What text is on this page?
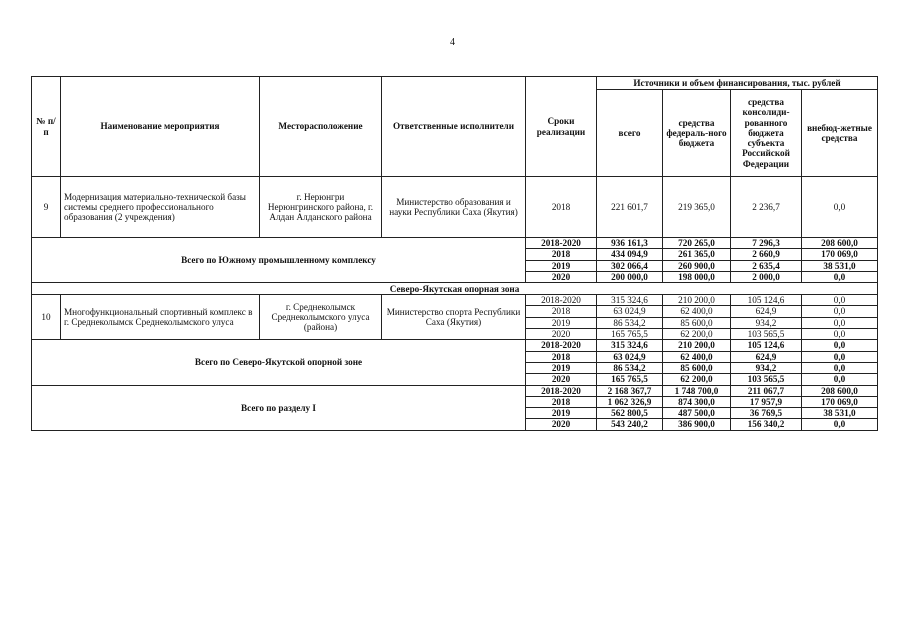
4
№ п/п	Наименование мероприятия	Месторасположение	Ответственные исполнители	Сроки реализации	Источники и объем финансирования, тыс. рублей			
					всего	средства федераль-ного бюджета	средства консолиди-рованного бюджета субъекта Российской Федерации	внебюд-жетные средства
9	Модернизация материально-технической базы системы среднего профессионального образования (2 учреждения)	г. Нерюнгри Нерюнгринского района, г. Алдан Алданского района	Министерство образования и науки Республики Саха (Якутия)	2018	221 601,7	219 365,0	2 236,7	0,0
Всего по Южному промышленному комплексу				2018-2020	936 161,3	720 265,0	7 296,3	208 600,0
				2018	434 094,9	261 365,0	2 660,9	170 069,0
				2019	302 066,4	260 900,0	2 635,4	38 531,0
				2020	200 000,0	198 000,0	2 000,0	0,0
Северо-Якутская опорная зона								
10	Многофункциональный спортивный комплекс в г. Среднеколымск Среднеколымского улуса	г. Среднеколымск Среднеколымского улуса (района)	Министерство спорта Республики Саха (Якутия)	2018-2020	315 324,6	210 200,0	105 124,6	0,0
				2018	63 024,9	62 400,0	624,9	0,0
				2019	86 534,2	85 600,0	934,2	0,0
				2020	165 765,5	62 200,0	103 565,5	0,0
Всего по Северо-Якутской опорной зоне				2018-2020	315 324,6	210 200,0	105 124,6	0,0
				2018	63 024,9	62 400,0	624,9	0,0
				2019	86 534,2	85 600,0	934,2	0,0
				2020	165 765,5	62 200,0	103 565,5	0,0
Всего по разделу I				2018-2020	2 168 367,7	1 748 700,0	211 067,7	208 600,0
				2018	1 062 326,9	874 300,0	17 957,9	170 069,0
				2019	562 800,5	487 500,0	36 769,5	38 531,0
				2020	543 240,2	386 900,0	156 340,2	0,0
